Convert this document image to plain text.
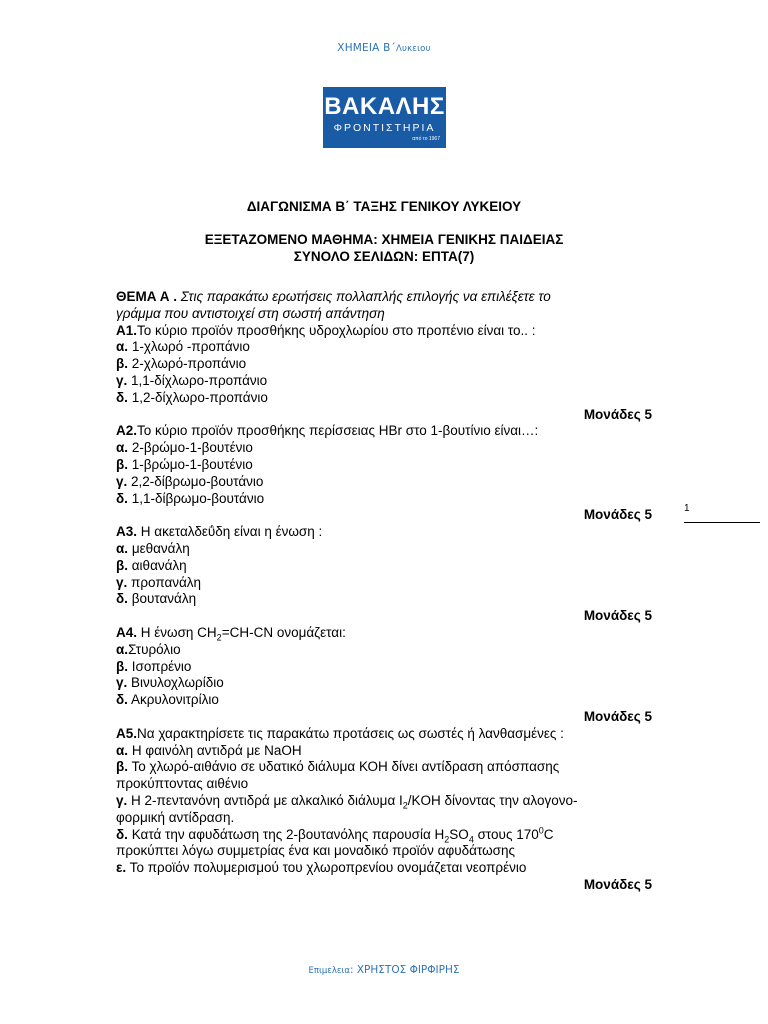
ΧΗΜΕΙΑ Β΄Λυκειου
ΒΑΚΑΛΗΣ
ΦΡΟΝΤΙΣΤΗΡΙΑ
από το 1967
ΔΙΑΓΩΝΙΣΜΑ Β΄ ΤΑΞΗΣ ΓΕΝΙΚΟΥ ΛΥΚΕΙΟΥ
ΕΞΕΤΑΖΟΜΕΝΟ ΜΑΘΗΜΑ: ΧΗΜΕΙΑ ΓΕΝΙΚΗΣ ΠΑΙΔΕΙΑΣ
ΣΥΝΟΛΟ ΣΕΛΙΔΩΝ: ΕΠΤΑ(7)
ΘΕΜΑ Α . Στις παρακάτω ερωτήσεις πολλαπλής επιλογής να επιλέξετε το
γράμμα που αντιστοιχεί στη σωστή απάντηση
Α1.Το κύριο προϊόν προσθήκης υδροχλωρίου στο προπένιο είναι το.. :
α. 1-χλωρό -προπάνιο
β. 2-χλωρό-προπάνιο
γ. 1,1-δίχλωρο-προπάνιο
δ. 1,2-δίχλωρο-προπάνιο
Μονάδες 5
Α2.Το κύριο προϊόν προσθήκης περίσσειας HBr στο 1-βουτίνιο είναι…:
α. 2-βρώμο-1-βουτένιο
β. 1-βρώμο-1-βουτένιο
γ. 2,2-δίβρωμο-βουτάνιο
δ. 1,1-δίβρωμο-βουτάνιο
Μονάδες 5
Α3. Η ακεταλδεΰδη είναι η ένωση :
α. μεθανάλη
β. αιθανάλη
γ. προπανάλη
δ. βουτανάλη
Μονάδες 5
Α4. Η ένωση $CH_2=CH-CN$ ονομάζεται:
α.Στυρόλιο
β. Ισοπρένιο
γ. Βινυλοχλωρίδιο
δ. Ακρυλονιτρίλιο
Μονάδες 5
Α5.Να χαρακτηρίσετε τις παρακάτω προτάσεις ως σωστές ή λανθασμένες :
α. Η φαινόλη αντιδρά με NaOH
β. Το χλωρό-αιθάνιο σε υδατικό διάλυμα ΚΟΗ δίνει αντίδραση απόσπασης
προκύπτοντας αιθένιο
γ. Η 2-πεντανόνη αντιδρά με αλκαλικό διάλυμα $I_2$/KOH δίνοντας την αλογονο-
φορμική αντίδραση.
δ. Κατά την αφυδάτωση της 2-βουτανόλης παρουσία $H_2SO_4$ στους $170^0C$
προκύπτει λόγω συμμετρίας ένα και μοναδικό προϊόν αφυδάτωσης
ε. Το προϊόν πολυμερισμού του χλωροπρενίου ονομάζεται νεοπρένιο
Μονάδες 5
1
Επιμελεια: ΧΡΗΣΤΟΣ ΦΙΡΦΙΡΗΣ
